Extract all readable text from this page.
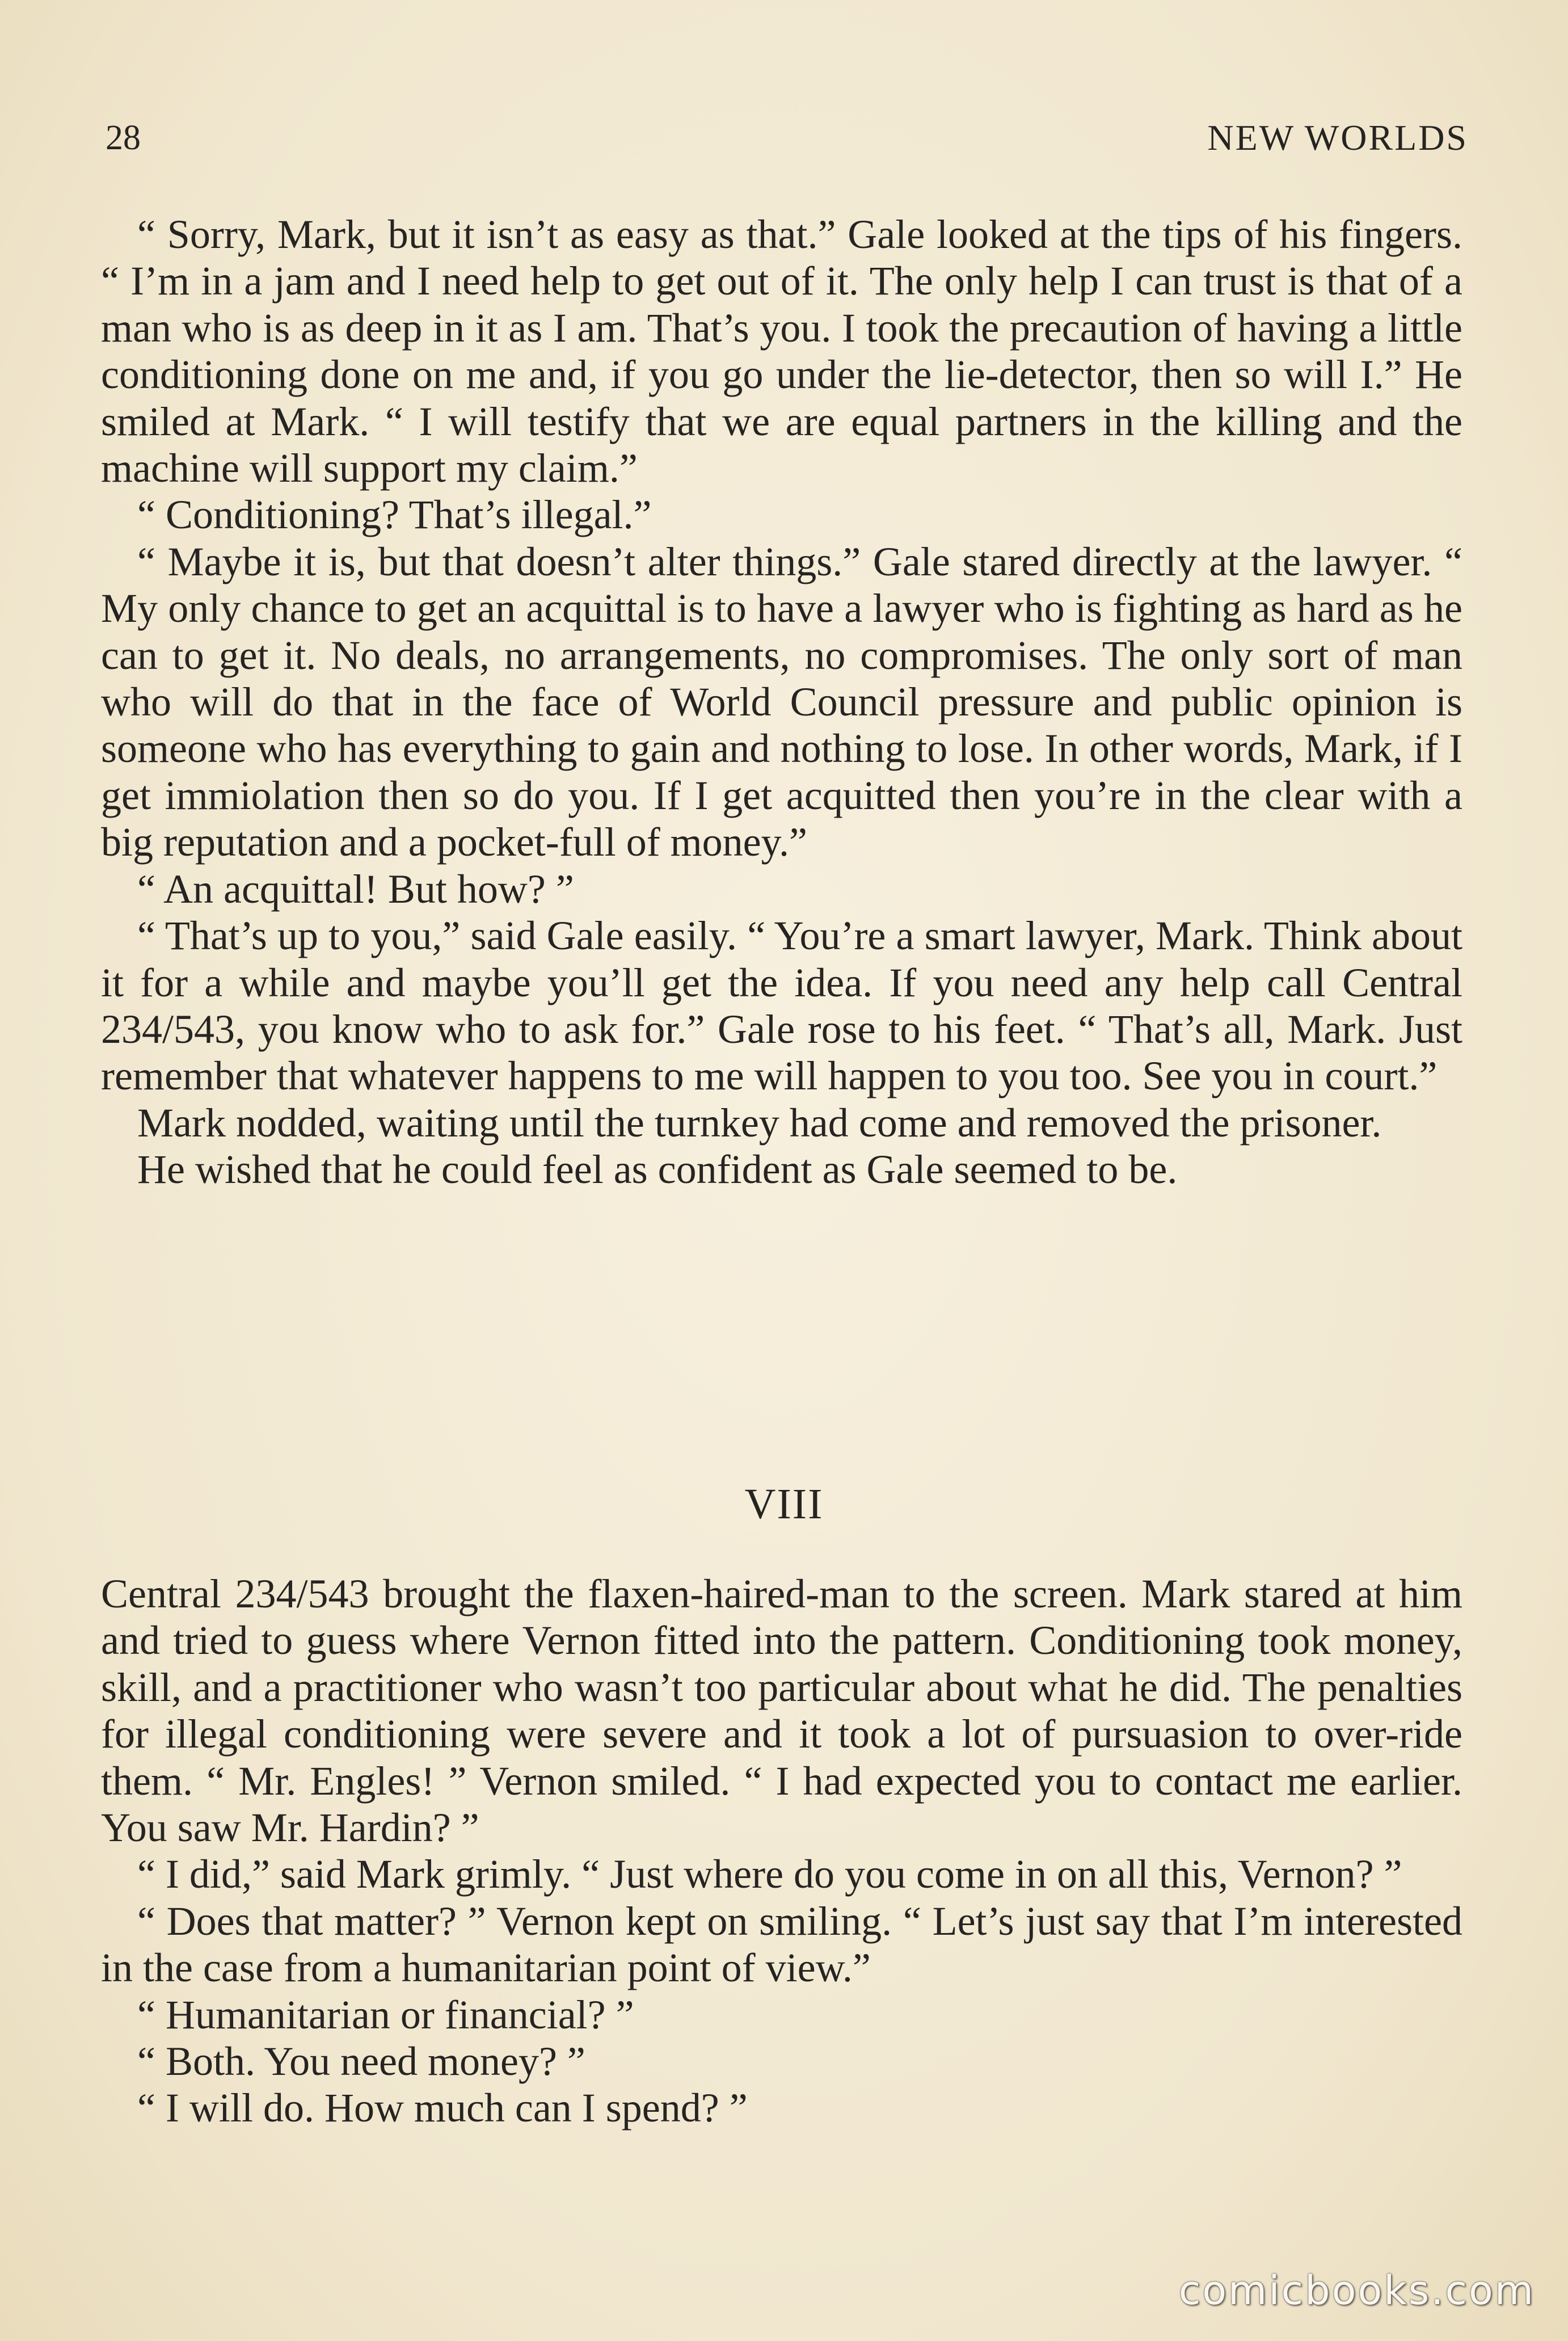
28	NEW WORLDS

“ Sorry, Mark, but it isn’t as easy as that.” Gale looked at the tips of his fingers. “ I’m in a jam and I need help to get out of it. The only help I can trust is that of a man who is as deep in it as I am. That’s you. I took the precaution of having a little conditioning done on me and, if you go under the lie-detector, then so will I.” He smiled at Mark. “ I will testify that we are equal partners in the killing and the machine will support my claim.”

“ Conditioning? That’s illegal.”

“ Maybe it is, but that doesn’t alter things.” Gale stared directly at the lawyer. “ My only chance to get an acquittal is to have a lawyer who is fighting as hard as he can to get it. No deals, no arrangements, no compromises. The only sort of man who will do that in the face of World Council pressure and public opinion is someone who has everything to gain and nothing to lose. In other words, Mark, if I get immiolation then so do you. If I get acquitted then you’re in the clear with a big reputation and a pocket-full of money.”

“ An acquittal! But how? ”

“ That’s up to you,” said Gale easily. “ You’re a smart lawyer, Mark. Think about it for a while and maybe you’ll get the idea. If you need any help call Central 234/543, you know who to ask for.” Gale rose to his feet. “ That’s all, Mark. Just remember that whatever happens to me will happen to you too. See you in court.”

Mark nodded, waiting until the turnkey had come and removed the prisoner.

He wished that he could feel as confident as Gale seemed to be.

VIII

Central 234/543 brought the flaxen-haired-man to the screen. Mark stared at him and tried to guess where Vernon fitted into the pattern. Conditioning took money, skill, and a practitioner who wasn’t too particular about what he did. The penalties for illegal conditioning were severe and it took a lot of pursuasion to over-ride them. “ Mr. Engles! ” Vernon smiled. “ I had expected you to contact me earlier. You saw Mr. Hardin? ”

“ I did,” said Mark grimly. “ Just where do you come in on all this, Vernon? ”

“ Does that matter? ” Vernon kept on smiling. “ Let’s just say that I’m interested in the case from a humanitarian point of view.”

“ Humanitarian or financial? ”

“ Both. You need money? ”

“ I will do. How much can I spend? ”

comicbooks.com
